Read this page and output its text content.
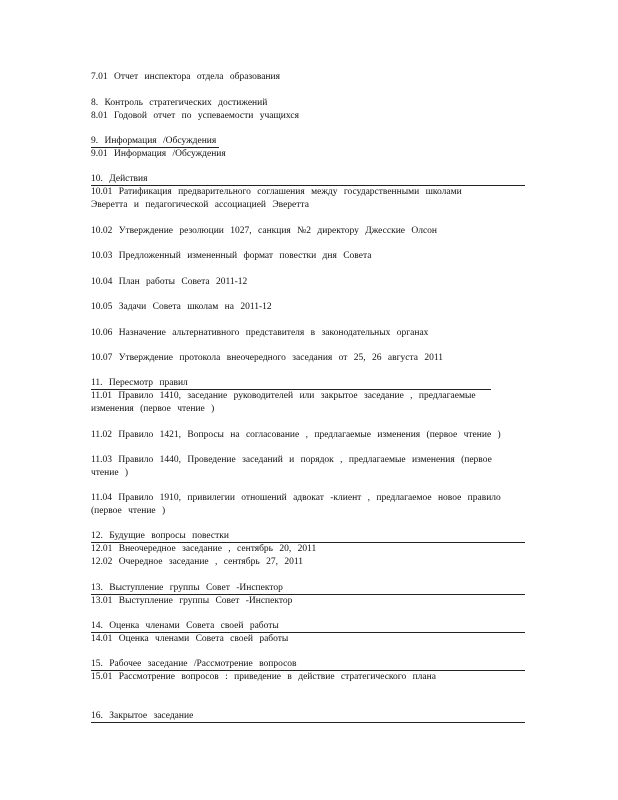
7.01 Отчет инспектора отдела образования
8. Контроль стратегических достижений
8.01 Годовой отчет по успеваемости учащихся
9. Информация /Обсуждения
9.01 Информация /Обсуждения
10. Действия
10.01 Ратификация предварительного соглашения между государственными школами
Эверетта и педагогической ассоциацией Эверетта
10.02 Утверждение резолюции 1027, санкция №2 директору Джесские Олсон
10.03 Предложенный измененный формат повестки дня Совета
10.04 План работы Совета 2011-12
10.05 Задачи Совета школам на 2011-12
10.06 Назначение альтернативного представителя в законодательных органах
10.07 Утверждение протокола внеочередного заседания от 25, 26 августа 2011
11. Пересмотр правил
11.01 Правило 1410, заседание руководителей или закрытое заседание , предлагаемые
изменения (первое чтение )
11.02 Правило 1421, Вопросы на согласование , предлагаемые изменения (первое чтение )
11.03 Правило 1440, Проведение заседаний и порядок , предлагаемые изменения (первое
чтение )
11.04 Правило 1910, привилегии отношений адвокат -клиент , предлагаемое новое правило
(первое чтение )
12. Будущие вопросы повестки
12.01 Внеочередное заседание , сентябрь 20, 2011
12.02 Очередное заседание , сентябрь 27, 2011
13. Выступление группы Совет -Инспектор
13.01 Выступление группы Совет -Инспектор
14. Оценка членами Совета своей работы
14.01 Оценка членами Совета своей работы
15. Рабочее заседание /Рассмотрение вопросов
15.01 Рассмотрение вопросов : приведение в действие стратегического плана
16. Закрытое заседание
